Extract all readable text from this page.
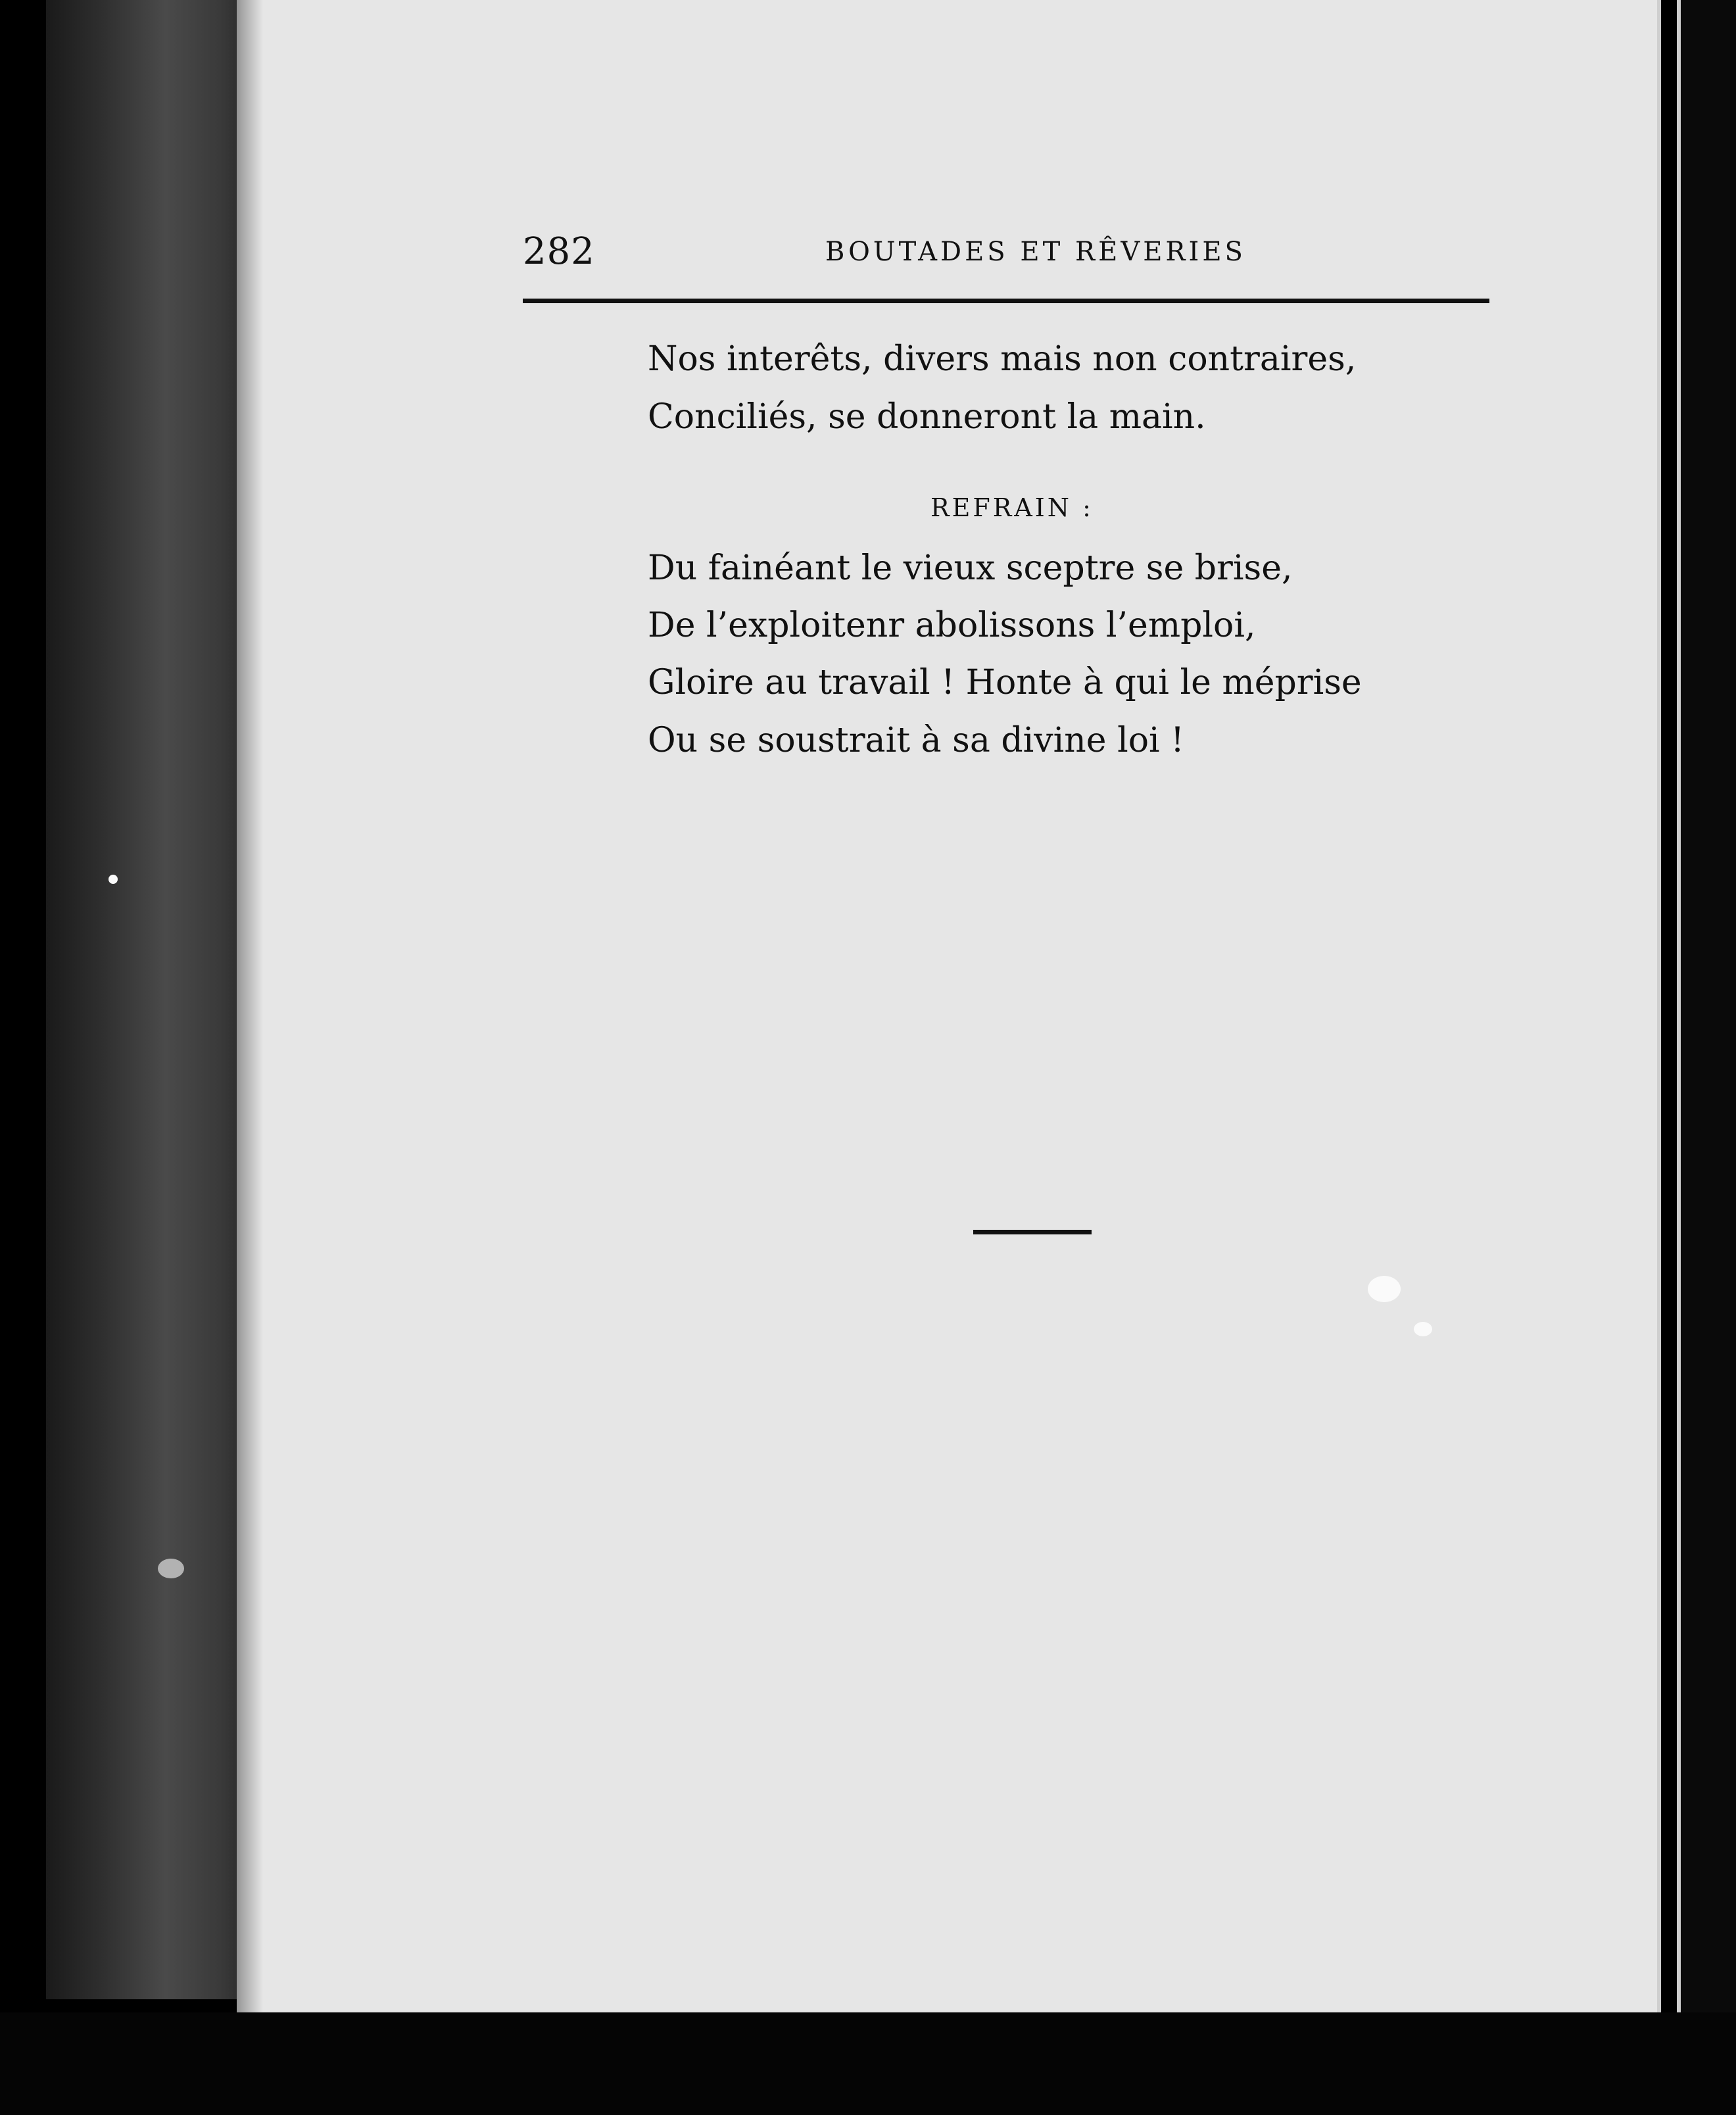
282	BOUTADES ET RÊVERIES
Nos interêts, divers mais non contraires,
Conciliés, se donneront la main.
REFRAIN :
Du fainéant le vieux sceptre se brise,
De l’exploitenr abolissons l’emploi,
Gloire au travail ! Honte à qui le méprise
Ou se soustrait à sa divine loi !
